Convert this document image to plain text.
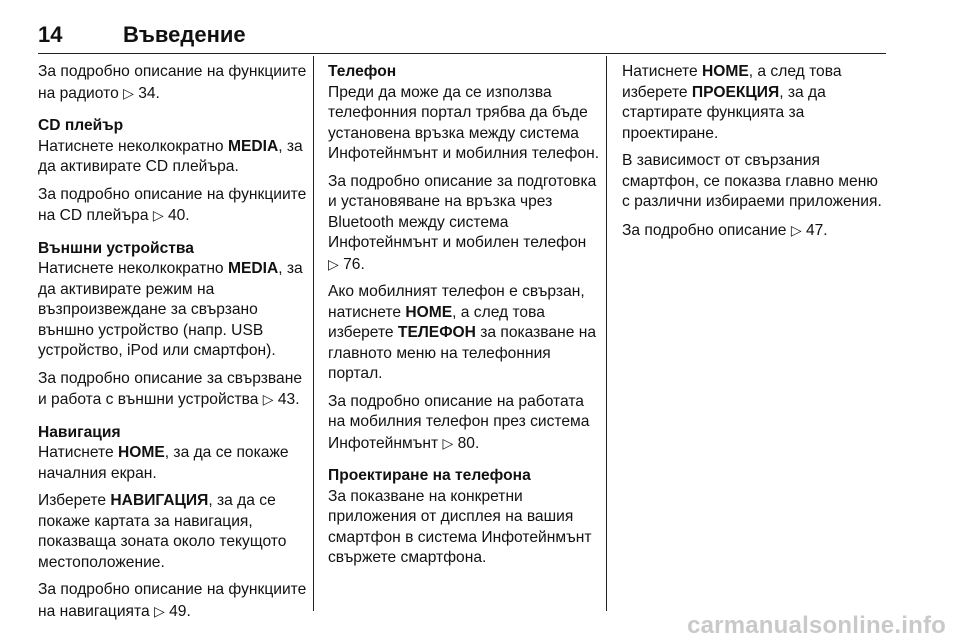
14	Въведение

За подробно описание на функциите на радиото ▷ 34.

CD плейър

Натиснете неколкократно MEDIA, за да активирате CD плейъра.

За подробно описание на функциите на CD плейъра ▷ 40.

Външни устройства

Натиснете неколкократно MEDIA, за да активирате режим на възпроизвеждане за свързано външно устройство (напр. USB устройство, iPod или смартфон).

За подробно описание за свързване и работа с външни устройства ▷ 43.

Навигация

Натиснете HOME, за да се покаже началния екран.

Изберете НАВИГАЦИЯ, за да се покаже картата за навигация, показваща зоната около текущото местоположение.

За подробно описание на функциите на навигацията ▷ 49.

Телефон

Преди да може да се използва телефонния портал трябва да бъде установена връзка между система Инфотейнмънт и мобилния телефон.

За подробно описание за подготовка и установяване на връзка чрез Bluetooth между система Инфотейнмънт и мобилен телефон ▷ 76.

Ако мобилният телефон е свързан, натиснете HOME, а след това изберете ТЕЛЕФОН за показване на главното меню на телефонния портал.

За подробно описание на работата на мобилния телефон през система Инфотейнмънт ▷ 80.

Проектиране на телефона

За показване на конкретни приложения от дисплея на вашия смартфон в система Инфотейнмънт свържете смартфона.

Натиснете HOME, а след това изберете ПРОЕКЦИЯ, за да стартирате функцията за проектиране.

В зависимост от свързания смартфон, се показва главно меню с различни избираеми приложения.

За подробно описание ▷ 47.

carmanualsonline.info
